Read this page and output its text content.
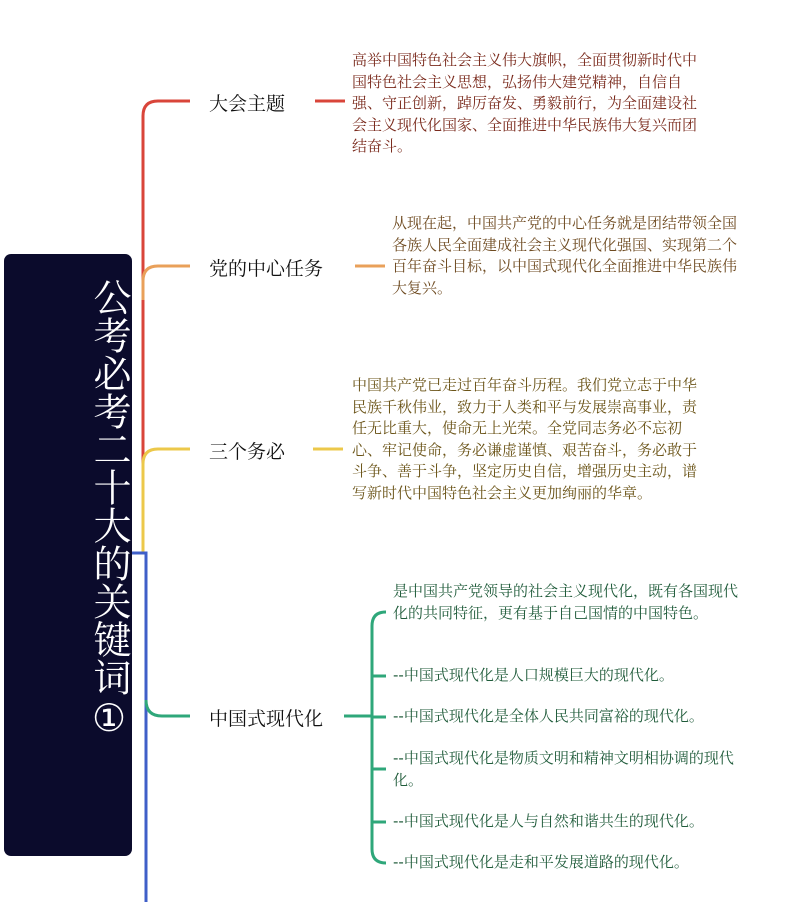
公考必考二十大的关键词①
大会主题

高举中国特色社会主义伟大旗帜，全面贯彻新时代中国特色社会主义思想，弘扬伟大建党精神，自信自强、守正创新，踔厉奋发、勇毅前行，为全面建设社会主义现代化国家、全面推进中华民族伟大复兴而团结奋斗。

党的中心任务

从现在起，中国共产党的中心任务就是团结带领全国各族人民全面建成社会主义现代化强国、实现第二个百年奋斗目标，以中国式现代化全面推进中华民族伟大复兴。

三个务必

中国共产党已走过百年奋斗历程。我们党立志于中华民族千秋伟业，致力于人类和平与发展崇高事业，责任无比重大，使命无上光荣。全党同志务必不忘初心、牢记使命，务必谦虚谨慎、艰苦奋斗，务必敢于斗争、善于斗争，坚定历史自信，增强历史主动，谱写新时代中国特色社会主义更加绚丽的华章。

中国式现代化

是中国共产党领导的社会主义现代化，既有各国现代化的共同特征，更有基于自己国情的中国特色。

--中国式现代化是人口规模巨大的现代化。

--中国式现代化是全体人民共同富裕的现代化。

--中国式现代化是物质文明和精神文明相协调的现代化。

--中国式现代化是人与自然和谐共生的现代化。

--中国式现代化是走和平发展道路的现代化。
